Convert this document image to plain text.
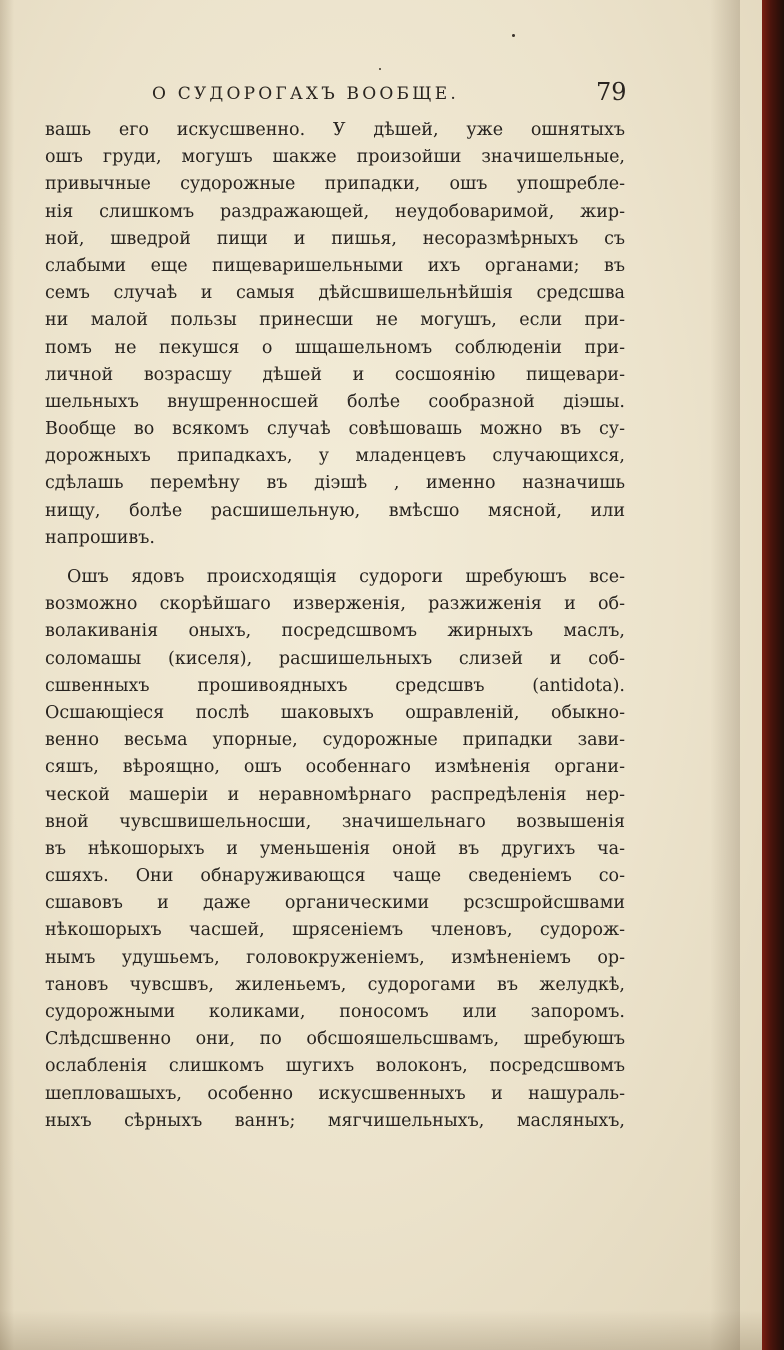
О СУДОРОГАХЪ ВООБЩЕ.	79
вашь его искусшвенно. У дѣшей, уже ошнятыхъ
ошъ груди, могушъ шакже произойши значишельные,
привычные судорожные припадки, ошъ упошребле-
нія слишкомъ раздражающей, неудобоваримой, жир-
ной, шведрой пищи и пишья, несоразмѣрныхъ съ
слабыми еще пищеваришельными ихъ органами; въ
семъ случаѣ и самыя дѣйсшвишельнѣйшія средсшва
ни малой пользы принесши не могушъ, если при-
помъ не пекушся о шщашельномъ соблюденіи при-
личной возрасшу дѣшей и сосшоянію пищевари-
шельныхъ внушренносшей болѣе сообразной діэшы.
Вообще во всякомъ случаѣ совѣшовашь можно въ су-
дорожныхъ припадкахъ, у младенцевъ случающихся,
сдѣлашь перемѣну въ діэшѣ , именно назначишь
нищу, болѣе расшишельную, вмѣсшо мясной, или
напрошивъ.
Ошъ ядовъ происходящія судороги шребуюшъ все-
возможно скорѣйшаго изверженія, разжиженія и об-
волакиванія оныхъ, посредсшвомъ жирныхъ маслъ,
соломашы (киселя), расшишельныхъ слизей и соб-
сшвенныхъ прошивоядныхъ средсшвъ (antidota).
Осшающіеся послѣ шаковыхъ ошравленій, обыкно-
венно весьма упорные, судорожные припадки зави-
сяшъ, вѣроящно, ошъ особеннаго измѣненія органи-
ческой машеріи и неравномѣрнаго распредѣленія нер-
вной чувсшвишельносши, значишельнаго возвышенія
въ нѣкошорыхъ и уменьшенія оной въ другихъ ча-
сшяхъ. Они обнаруживающся чаще сведеніемъ со-
сшавовъ и даже органическими рсзсшройсшвами
нѣкошорыхъ часшей, шрясеніемъ членовъ, судорож-
нымъ удушьемъ, головокруженіемъ, измѣненіемъ ор-
тановъ чувсшвъ, жиленьемъ, судорогами въ желудкѣ,
судорожными коликами, поносомъ или запоромъ.
Слѣдсшвенно они, по обсшояшельсшвамъ, шребуюшъ
ослабленія слишкомъ шугихъ волоконъ, посредсшвомъ
шепловашыхъ, особенно искусшвенныхъ и нашураль-
ныхъ сѣрныхъ ваннъ; мягчишельныхъ, масляныхъ,
